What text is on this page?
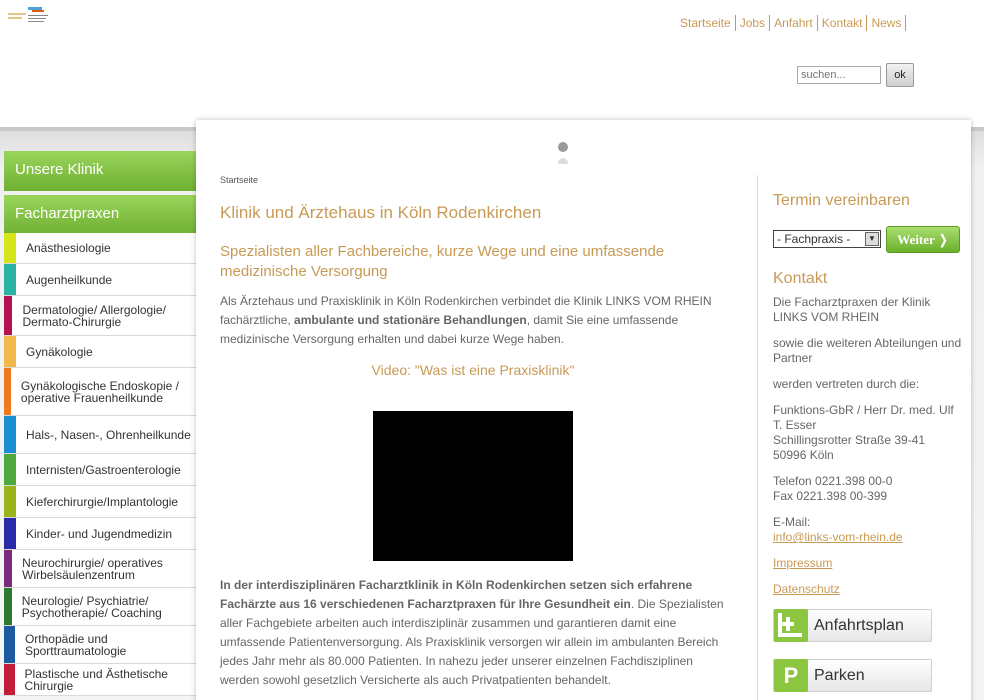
Startseite Jobs Anfahrt Kontakt News
suchen...
ok
Unsere Klinik
Facharztpraxen
Anästhesiologie
Augenheilkunde
Dermatologie/ Allergologie/ Dermato-Chirurgie
Gynäkologie
Gynäkologische Endoskopie / operative Frauenheilkunde
Hals-, Nasen-, Ohrenheilkunde
Internisten/Gastroenterologie
Kieferchirurgie/Implantologie
Kinder- und Jugendmedizin
Neurochirurgie/ operatives Wirbelsäulenzentrum
Neurologie/ Psychiatrie/ Psychotherapie/ Coaching
Orthopädie und Sporttraumatologie
Plastische und Ästhetische Chirurgie
Startseite
Klinik und Ärztehaus in Köln Rodenkirchen
Spezialisten aller Fachbereiche, kurze Wege und eine umfassende medizinische Versorgung

Als Ärztehaus und Praxisklinik in Köln Rodenkirchen verbindet die Klinik LINKS VOM RHEIN fachärztliche, ambulante und stationäre Behandlungen, damit Sie eine umfassende medizinische Versorgung erhalten und dabei kurze Wege haben.

Video: "Was ist eine Praxisklinik"

In der interdisziplinären Facharztklinik in Köln Rodenkirchen setzen sich erfahrene Fachärzte aus 16 verschiedenen Facharztpraxen für Ihre Gesundheit ein. Die Spezialisten aller Fachgebiete arbeiten auch interdisziplinär zusammen und garantieren damit eine umfassende Patientenversorgung. Als Praxisklinik versorgen wir allein im ambulanten Bereich jedes Jahr mehr als 80.000 Patienten. In nahezu jeder unserer einzelnen Fachdisziplinen werden sowohl gesetzlich Versicherte als auch Privatpatienten behandelt.

Termin vereinbaren
- Fachpraxis -	▼	Weiter ❭
Kontakt
Die Facharztpraxen der Klinik LINKS VOM RHEIN
sowie die weiteren Abteilungen und Partner
werden vertreten durch die:
Funktions-GbR / Herr Dr. med. Ulf T. Esser
Schillingsrotter Straße 39-41
50996 Köln
Telefon 0221.398 00-0
Fax 0221.398 00-399
E-Mail:
info@links-vom-rhein.de
Impressum
Datenschutz
Anfahrtsplan
P Parken
